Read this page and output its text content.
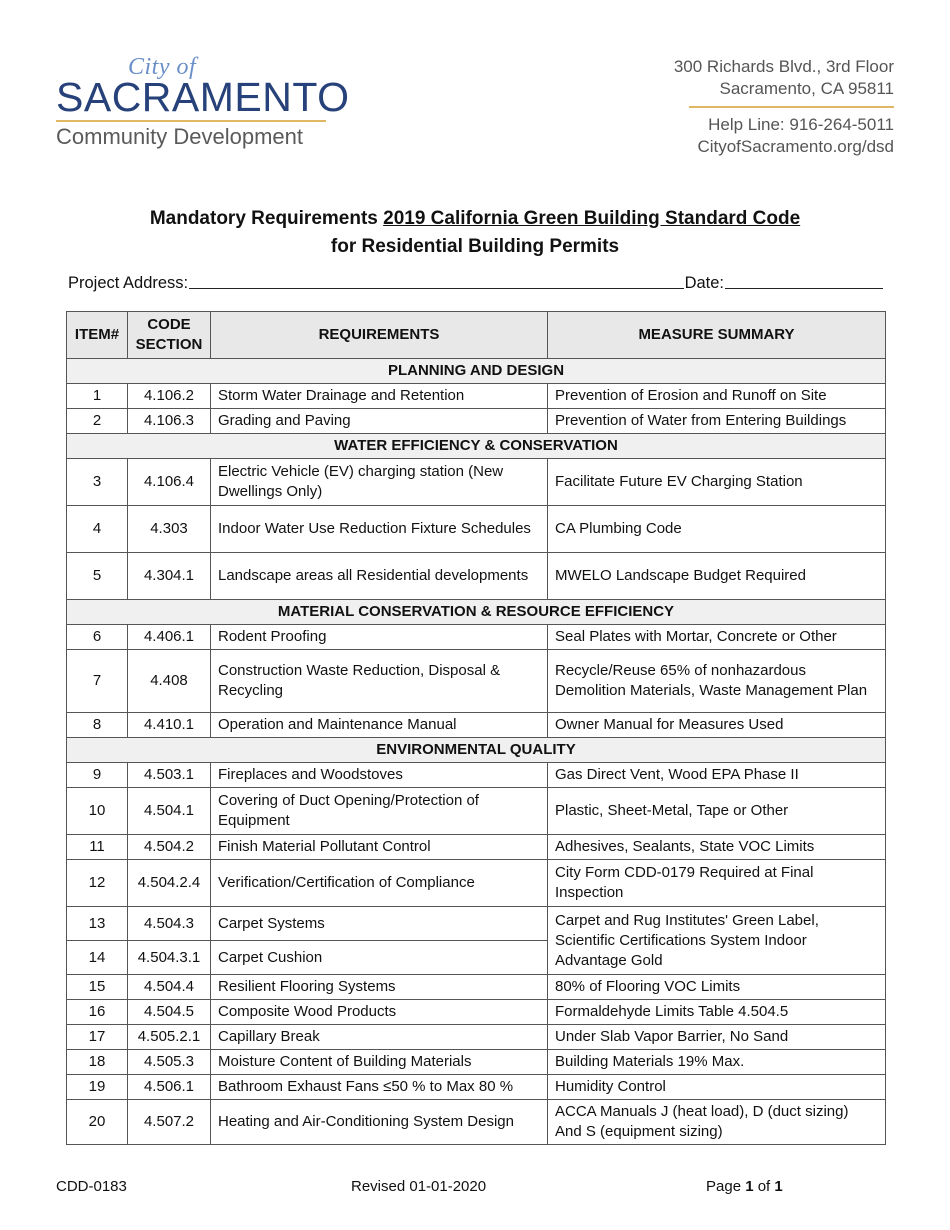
City of
SACRAMENTO
Community Development
300 Richards Blvd., 3rd Floor
Sacramento, CA 95811
Help Line: 916-264-5011
CityofSacramento.org/dsd
Mandatory Requirements 2019 California Green Building Standard Code
for Residential Building Permits
Project Address:	Date:
ITEM#	CODE SECTION	REQUIREMENTS	MEASURE SUMMARY
PLANNING AND DESIGN			
1	4.106.2	Storm Water Drainage and Retention	Prevention of Erosion and Runoff on Site
2	4.106.3	Grading and Paving	Prevention of Water from Entering Buildings
WATER EFFICIENCY & CONSERVATION			
3	4.106.4	Electric Vehicle (EV) charging station (New Dwellings Only)	Facilitate Future EV Charging Station
4	4.303	Indoor Water Use Reduction Fixture Schedules	CA Plumbing Code
5	4.304.1	Landscape areas all Residential developments	MWELO Landscape Budget Required
MATERIAL CONSERVATION & RESOURCE EFFICIENCY			
6	4.406.1	Rodent Proofing	Seal Plates with Mortar, Concrete or Other
7	4.408	Construction Waste Reduction, Disposal & Recycling	Recycle/Reuse 65% of nonhazardous Demolition Materials, Waste Management Plan
8	4.410.1	Operation and Maintenance Manual	Owner Manual for Measures Used
ENVIRONMENTAL QUALITY			
9	4.503.1	Fireplaces and Woodstoves	Gas Direct Vent, Wood EPA Phase II
10	4.504.1	Covering of Duct Opening/Protection of Equipment	Plastic, Sheet-Metal, Tape or Other
11	4.504.2	Finish Material Pollutant Control	Adhesives, Sealants, State VOC Limits
12	4.504.2.4	Verification/Certification of Compliance	City Form CDD-0179 Required at Final Inspection
13	4.504.3	Carpet Systems	Carpet and Rug Institutes' Green Label, Scientific Certifications System Indoor Advantage Gold
14	4.504.3.1	Carpet Cushion	
15	4.504.4	Resilient Flooring Systems	80% of Flooring VOC Limits
16	4.504.5	Composite Wood Products	Formaldehyde Limits Table 4.504.5
17	4.505.2.1	Capillary Break	Under Slab Vapor Barrier, No Sand
18	4.505.3	Moisture Content of Building Materials	Building Materials 19% Max.
19	4.506.1	Bathroom Exhaust Fans ≤50 % to Max 80 %	Humidity Control
20	4.507.2	Heating and Air-Conditioning System Design	ACCA Manuals J (heat load), D (duct sizing) And S (equipment sizing)
CDD-0183	Revised 01-01-2020	Page 1 of 1
